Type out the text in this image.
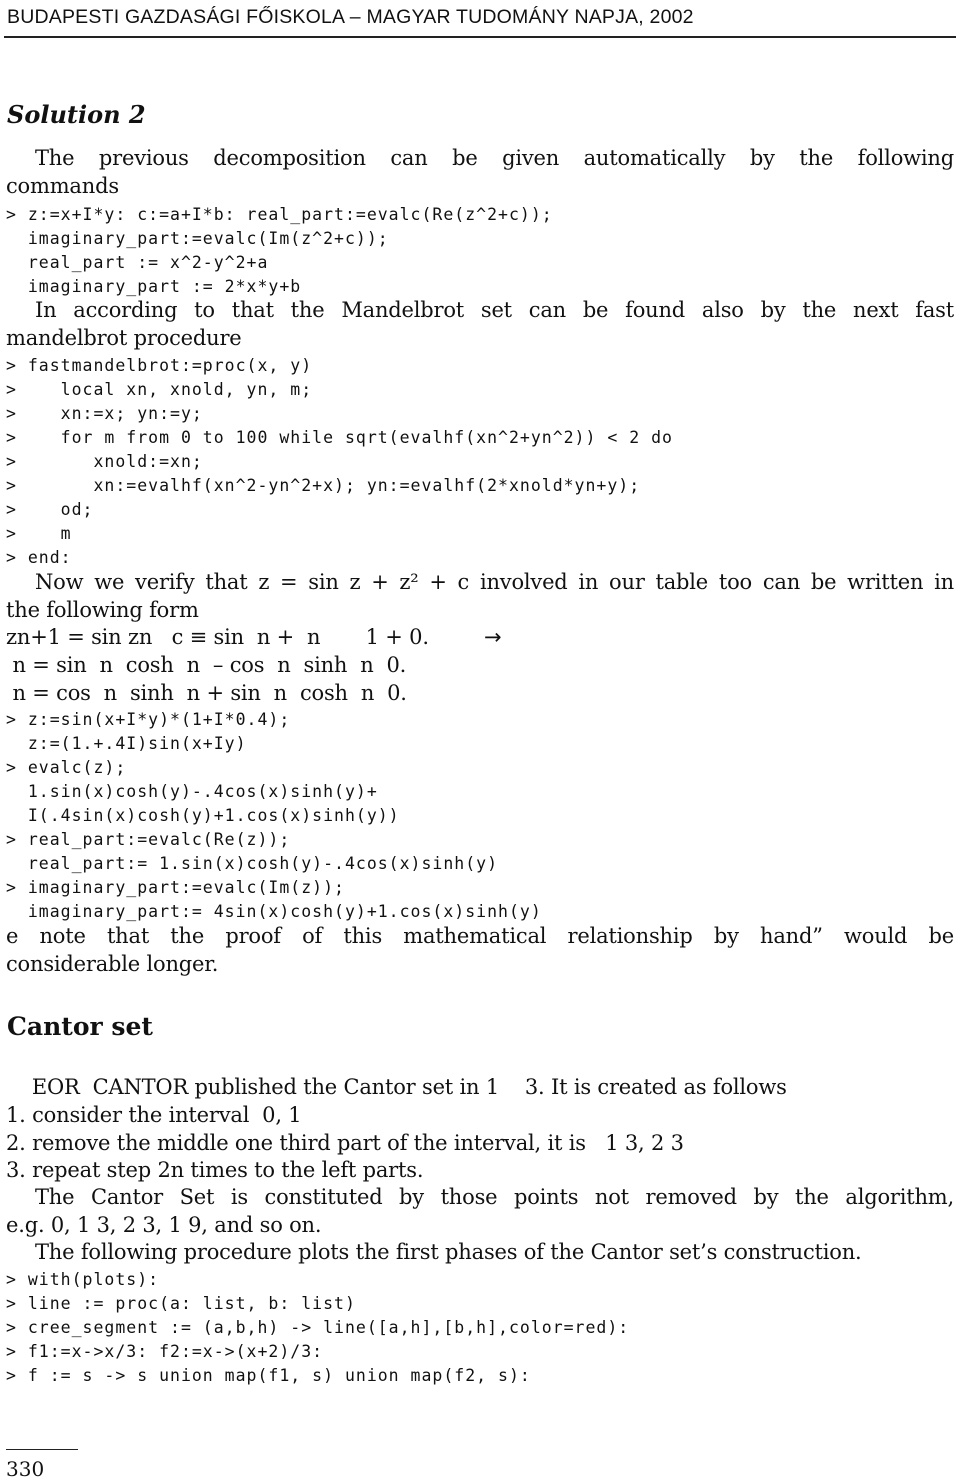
BUDAPESTI GAZDASÁGI FŐISKOLA – MAGYAR TUDOMÁNY NAPJA, 2002
Solution 2
The previous decomposition can be given automatically by the following
commands
> z:=x+I*y: c:=a+I*b: real_part:=evalc(Re(z^2+c));
imaginary_part:=evalc(Im(z^2+c));
real_part := x^2-y^2+a
imaginary_part := 2*x*y+b
In according to that the Mandelbrot set can be found also by the next fast
mandelbrot procedure
> fastmandelbrot:=proc(x, y)
>    local xn, xnold, yn, m;
>    xn:=x; yn:=y;
>    for m from 0 to 100 while sqrt(evalhf(xn^2+yn^2)) < 2 do
>       xnold:=xn;
>       xn:=evalhf(xn^2-yn^2+x); yn:=evalhf(2*xnold*yn+y);
>    od;
>    m
> end:
Now we verify that z = sin z + z² + c involved in our table too can be written in
the following form
zn+1 = sin zn   c ≡ sin  n +  n       1 + 0.	→
n = sin  n  cosh  n  – cos  n  sinh  n  0.
n = cos  n  sinh  n + sin  n  cosh  n  0.
> z:=sin(x+I*y)*(1+I*0.4);
z:=(1.+.4I)sin(x+Iy)
> evalc(z);
1.sin(x)cosh(y)-.4cos(x)sinh(y)+
I(.4sin(x)cosh(y)+1.cos(x)sinh(y))
> real_part:=evalc(Re(z));
real_part:= 1.sin(x)cosh(y)-.4cos(x)sinh(y)
> imaginary_part:=evalc(Im(z));
imaginary_part:= 4sin(x)cosh(y)+1.cos(x)sinh(y)
e note that the proof of this mathematical relationship by hand” would be
considerable longer.
Cantor set
EOR  CANTOR published the Cantor set in 1    3. It is created as follows
1. consider the interval  0, 1
2. remove the middle one third part of the interval, it is   1 3, 2 3
3. repeat step 2n times to the left parts.
The Cantor Set is constituted by those points not removed by the algorithm,
e.g. 0, 1 3, 2 3, 1 9, and so on.
The following procedure plots the first phases of the Cantor set’s construction.
> with(plots):
> line := proc(a: list, b: list)
> cree_segment := (a,b,h) -> line([a,h],[b,h],color=red):
> f1:=x->x/3: f2:=x->(x+2)/3:
> f := s -> s union map(f1, s) union map(f2, s):
330
